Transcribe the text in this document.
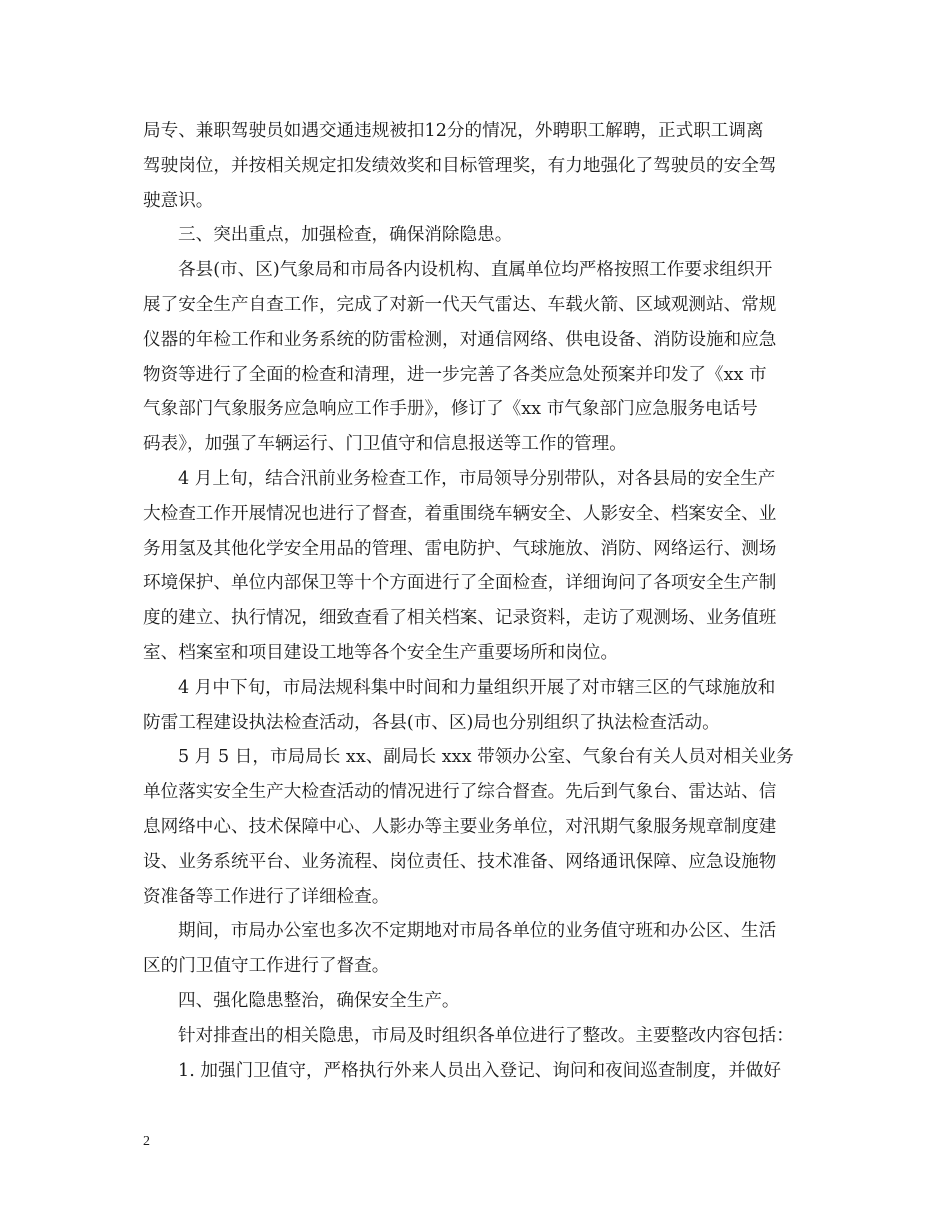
局专、兼职驾驶员如遇交通违规被扣12分的情况，外聘职工解聘，正式职工调离
驾驶岗位，并按相关规定扣发绩效奖和目标管理奖，有力地强化了驾驶员的安全驾
驶意识。
三、突出重点，加强检查，确保消除隐患。
各县(市、区)气象局和市局各内设机构、直属单位均严格按照工作要求组织开
展了安全生产自查工作，完成了对新一代天气雷达、车载火箭、区域观测站、常规
仪器的年检工作和业务系统的防雷检测，对通信网络、供电设备、消防设施和应急
物资等进行了全面的检查和清理，进一步完善了各类应急处预案并印发了《xx 市
气象部门气象服务应急响应工作手册》，修订了《xx 市气象部门应急服务电话号
码表》，加强了车辆运行、门卫值守和信息报送等工作的管理。
4 月上旬，结合汛前业务检查工作，市局领导分别带队，对各县局的安全生产
大检查工作开展情况也进行了督查，着重围绕车辆安全、人影安全、档案安全、业
务用氢及其他化学安全用品的管理、雷电防护、气球施放、消防、网络运行、测场
环境保护、单位内部保卫等十个方面进行了全面检查，详细询问了各项安全生产制
度的建立、执行情况，细致查看了相关档案、记录资料，走访了观测场、业务值班
室、档案室和项目建设工地等各个安全生产重要场所和岗位。
4 月中下旬，市局法规科集中时间和力量组织开展了对市辖三区的气球施放和
防雷工程建设执法检查活动，各县(市、区)局也分别组织了执法检查活动。
5 月 5 日，市局局长 xx、副局长 xxx 带领办公室、气象台有关人员对相关业务
单位落实安全生产大检查活动的情况进行了综合督查。先后到气象台、雷达站、信
息网络中心、技术保障中心、人影办等主要业务单位，对汛期气象服务规章制度建
设、业务系统平台、业务流程、岗位责任、技术准备、网络通讯保障、应急设施物
资准备等工作进行了详细检查。
期间，市局办公室也多次不定期地对市局各单位的业务值守班和办公区、生活
区的门卫值守工作进行了督查。
四、强化隐患整治，确保安全生产。
针对排查出的相关隐患，市局及时组织各单位进行了整改。主要整改内容包括：
1. 加强门卫值守，严格执行外来人员出入登记、询问和夜间巡查制度，并做好
2
